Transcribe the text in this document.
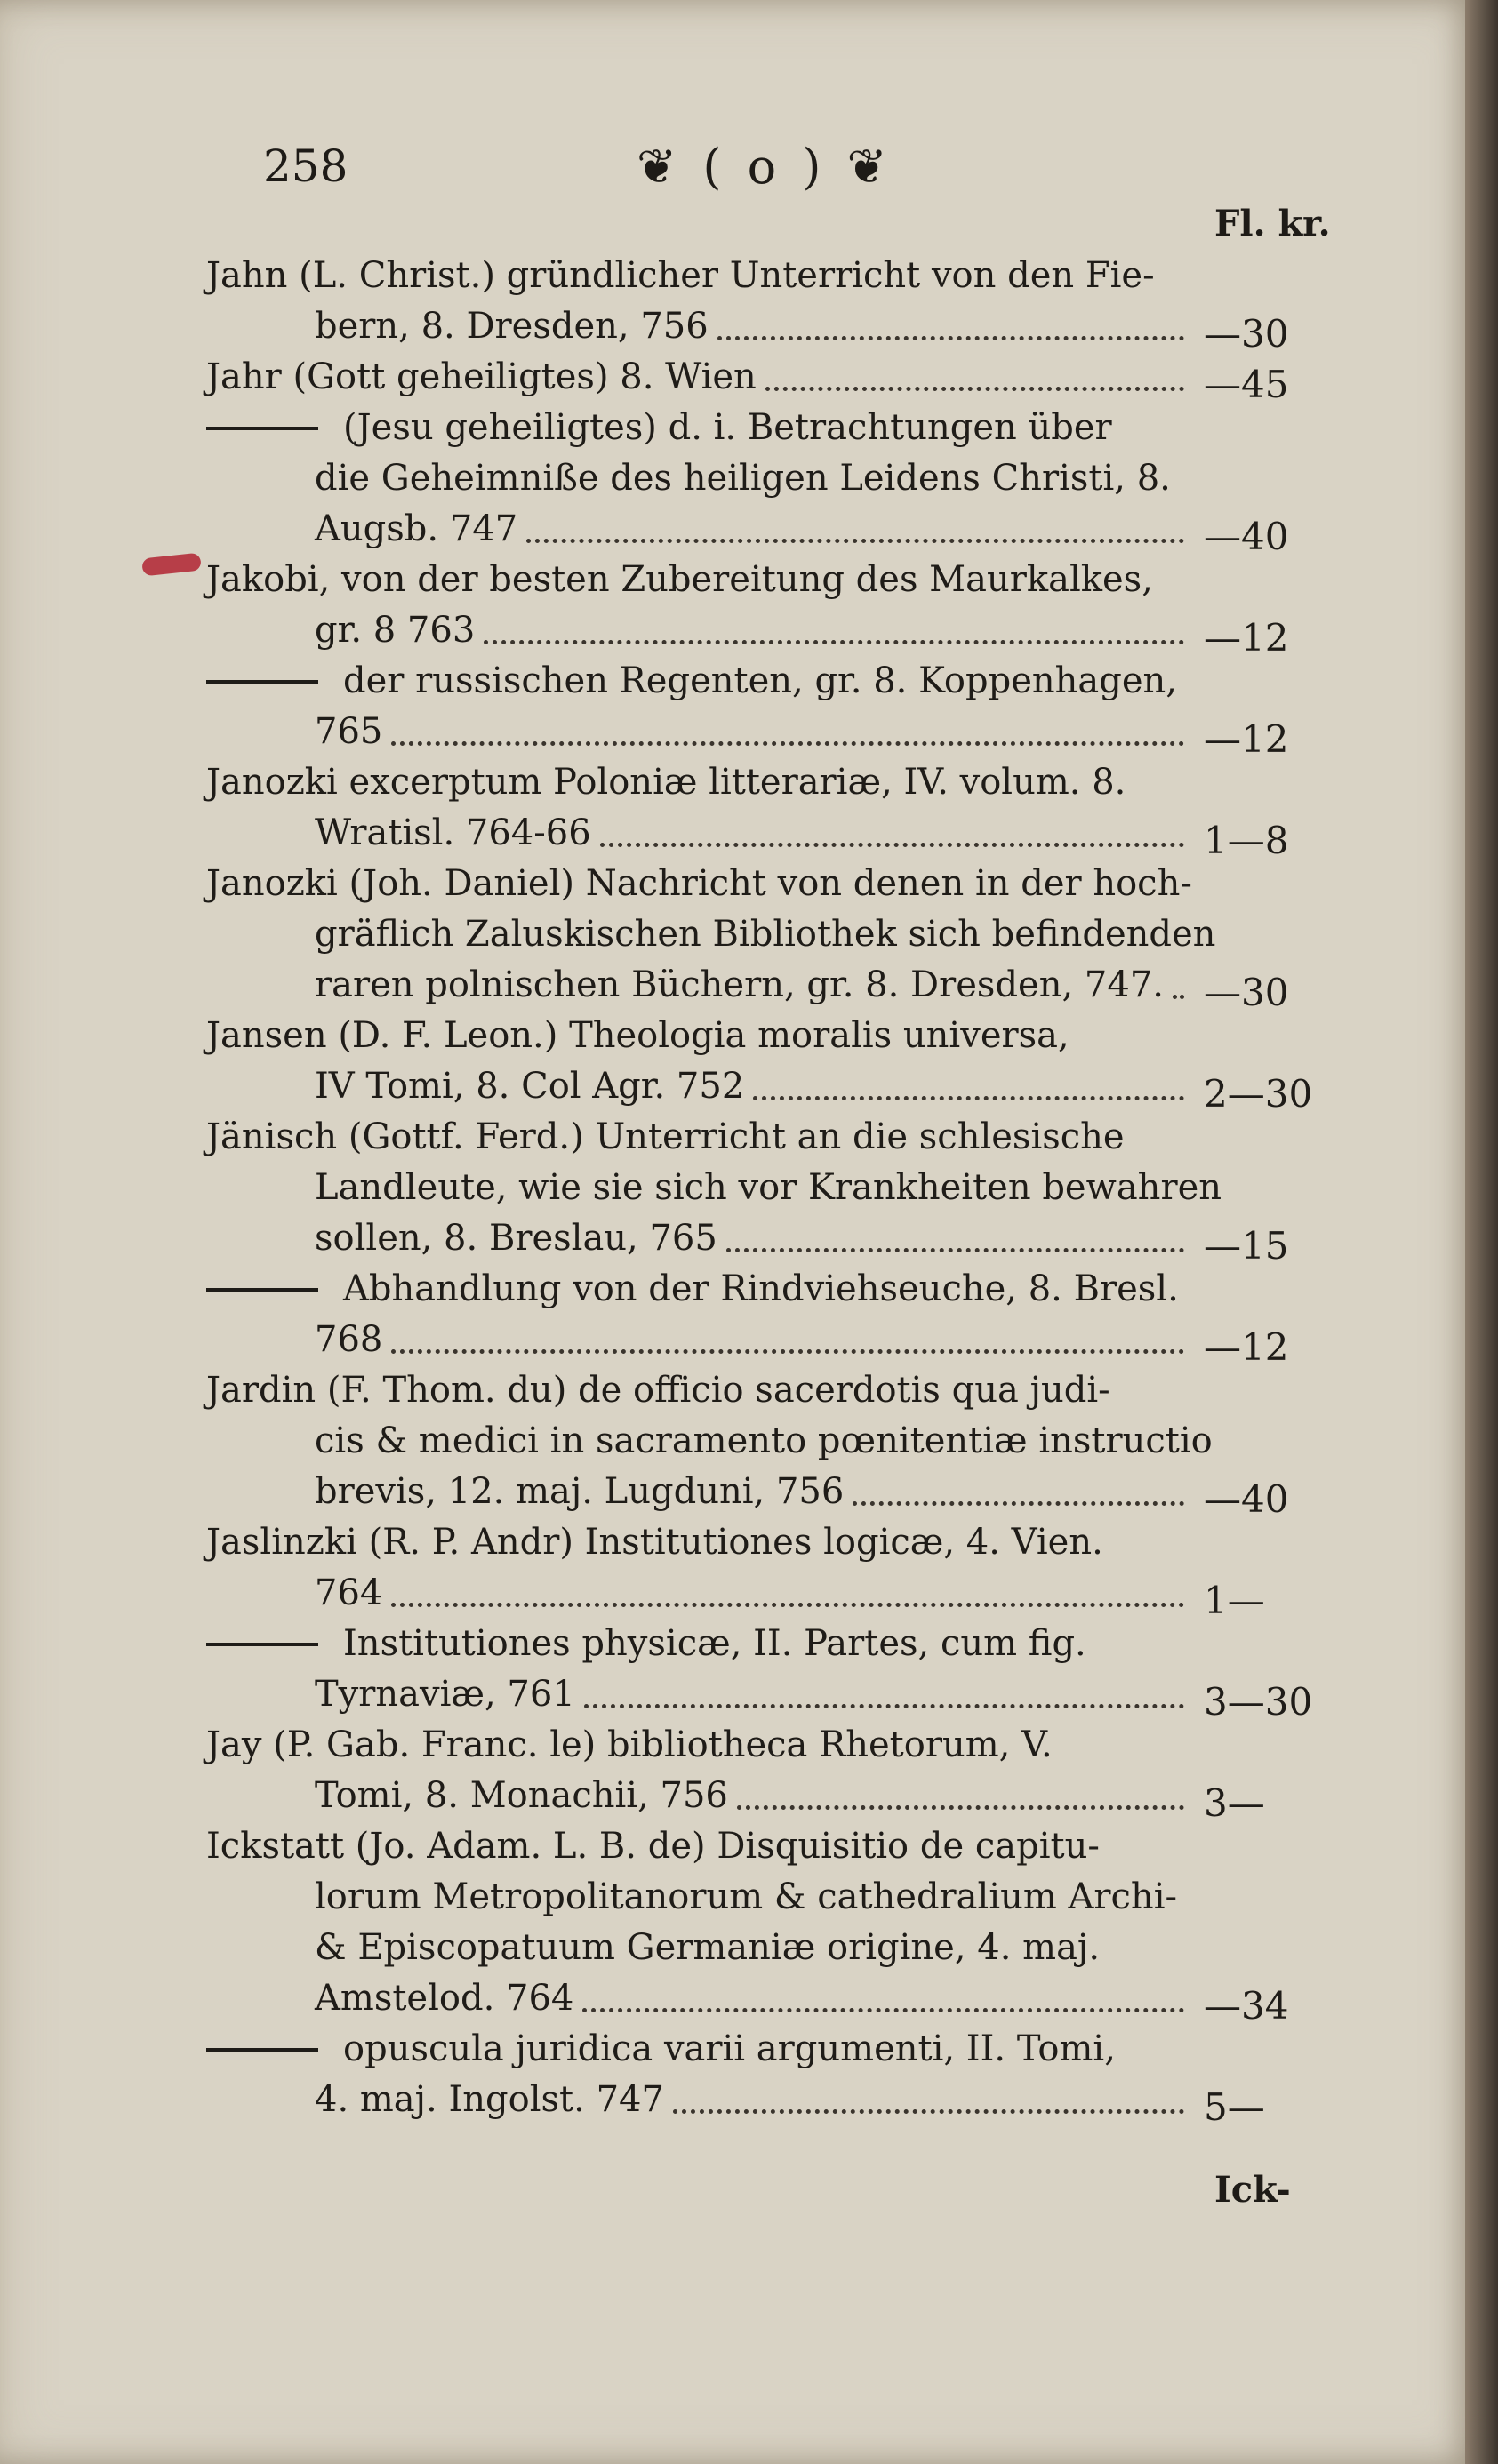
258	❦ ( o ) ❦
Fl. kr.
Jahn (L. Christ.) gründlicher Unterricht von den Fie-
bern, 8. Dresden, 756	—30
Jahr (Gott geheiligtes) 8. Wien	—45
(Jesu geheiligtes) d. i. Betrachtungen über
die Geheimniße des heiligen Leidens Christi, 8.
Augsb. 747	—40
Jakobi, von der besten Zubereitung des Maurkalkes,
gr. 8 763	—12
der russischen Regenten, gr. 8. Koppenhagen,
765	—12
Janozki excerptum Poloniæ litterariæ, IV. volum. 8.
Wratisl. 764-66	1—8
Janozki (Joh. Daniel) Nachricht von denen in der hoch-
gräflich Zaluskischen Bibliothek sich befindenden
raren polnischen Büchern, gr. 8. Dresden, 747. —30
Jansen (D. F. Leon.) Theologia moralis universa,
IV Tomi, 8. Col Agr. 752	2—30
Jänisch (Gottf. Ferd.) Unterricht an die schlesische
Landleute, wie sie sich vor Krankheiten bewahren
sollen, 8. Breslau, 765	—15
Abhandlung von der Rindviehseuche, 8. Bresl.
768	—12
Jardin (F. Thom. du) de officio sacerdotis qua judi-
cis & medici in sacramento pœnitentiæ instructio
brevis, 12. maj. Lugduni, 756	—40
Jaslinzki (R. P. Andr) Institutiones logicæ, 4. Vien.
764	1—
Institutiones physicæ, II. Partes, cum fig.
Tyrnaviæ, 761	3—30
Jay (P. Gab. Franc. le) bibliotheca Rhetorum, V.
Tomi, 8. Monachii, 756	3—
Ickstatt (Jo. Adam. L. B. de) Disquisitio de capitu-
lorum Metropolitanorum & cathedralium Archi-
& Episcopatuum Germaniæ origine, 4. maj.
Amstelod. 764	—34
opuscula juridica varii argumenti, II. Tomi,
4. maj. Ingolst. 747	5—
Ick-
